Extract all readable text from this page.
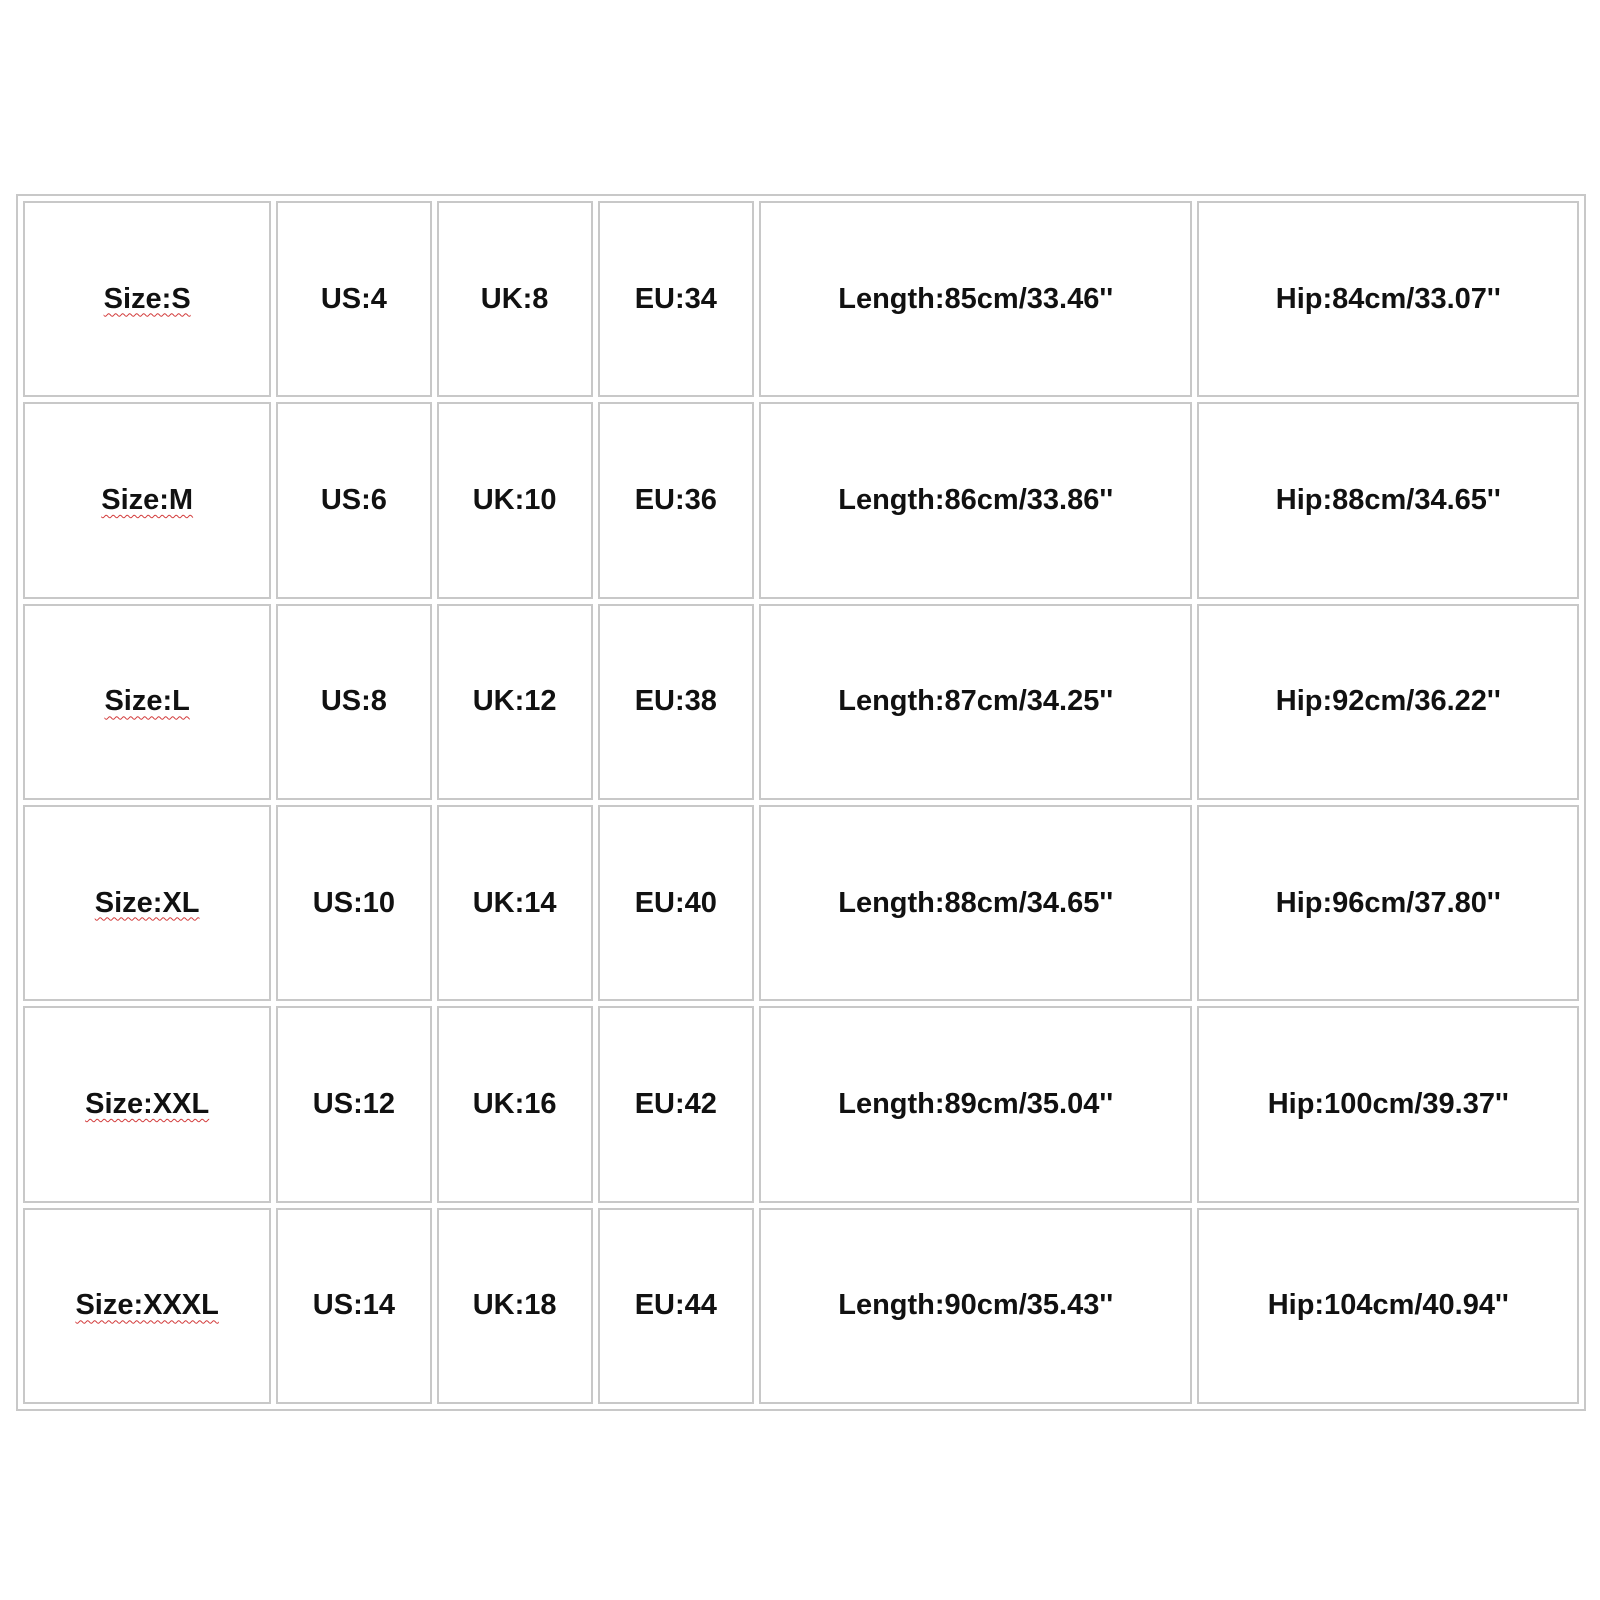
Size:S	US:4	UK:8	EU:34	Length:85cm/33.46''	Hip:84cm/33.07''
Size:M	US:6	UK:10	EU:36	Length:86cm/33.86''	Hip:88cm/34.65''
Size:L	US:8	UK:12	EU:38	Length:87cm/34.25''	Hip:92cm/36.22''
Size:XL	US:10	UK:14	EU:40	Length:88cm/34.65''	Hip:96cm/37.80''
Size:XXL	US:12	UK:16	EU:42	Length:89cm/35.04''	Hip:100cm/39.37''
Size:XXXL	US:14	UK:18	EU:44	Length:90cm/35.43''	Hip:104cm/40.94''
